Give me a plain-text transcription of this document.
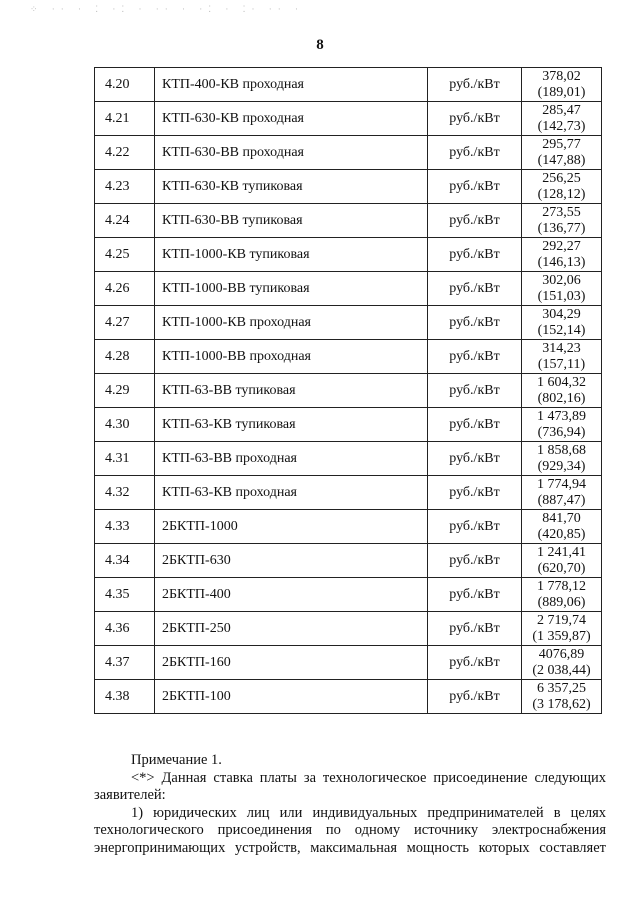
⁘ ·· · ⁚ ·⁚ · ·· · ·⁚ · ⁚· ·· ·
8
4.20	КТП-400-КВ проходная	руб./кВт	378,02
(189,01)

4.21	КТП-630-КВ проходная	руб./кВт	285,47
(142,73)

4.22	КТП-630-ВВ проходная	руб./кВт	295,77
(147,88)

4.23	КТП-630-КВ тупиковая	руб./кВт	256,25
(128,12)

4.24	КТП-630-ВВ тупиковая	руб./кВт	273,55
(136,77)

4.25	КТП-1000-КВ тупиковая	руб./кВт	292,27
(146,13)

4.26	КТП-1000-ВВ тупиковая	руб./кВт	302,06
(151,03)

4.27	КТП-1000-КВ проходная	руб./кВт	304,29
(152,14)

4.28	КТП-1000-ВВ проходная	руб./кВт	314,23
(157,11)

4.29	КТП-63-ВВ тупиковая	руб./кВт	1 604,32
(802,16)

4.30	КТП-63-КВ тупиковая	руб./кВт	1 473,89
(736,94)

4.31	КТП-63-ВВ проходная	руб./кВт	1 858,68
(929,34)

4.32	КТП-63-КВ проходная	руб./кВт	1 774,94
(887,47)

4.33	2БКТП-1000	руб./кВт	841,70
(420,85)

4.34	2БКТП-630	руб./кВт	1 241,41
(620,70)

4.35	2БКТП-400	руб./кВт	1 778,12
(889,06)

4.36	2БКТП-250	руб./кВт	2 719,74
(1 359,87)

4.37	2БКТП-160	руб./кВт	4076,89
(2 038,44)

4.38	2БКТП-100	руб./кВт	6 357,25
(3 178,62)

Примечание 1.

<*> Данная ставка платы за технологическое присоединение следующих

заявителей:

1) юридических лиц или индивидуальных предпринимателей в целях

технологического присоединения по одному источнику электроснабжения

энергопринимающих устройств, максимальная мощность которых составляет
